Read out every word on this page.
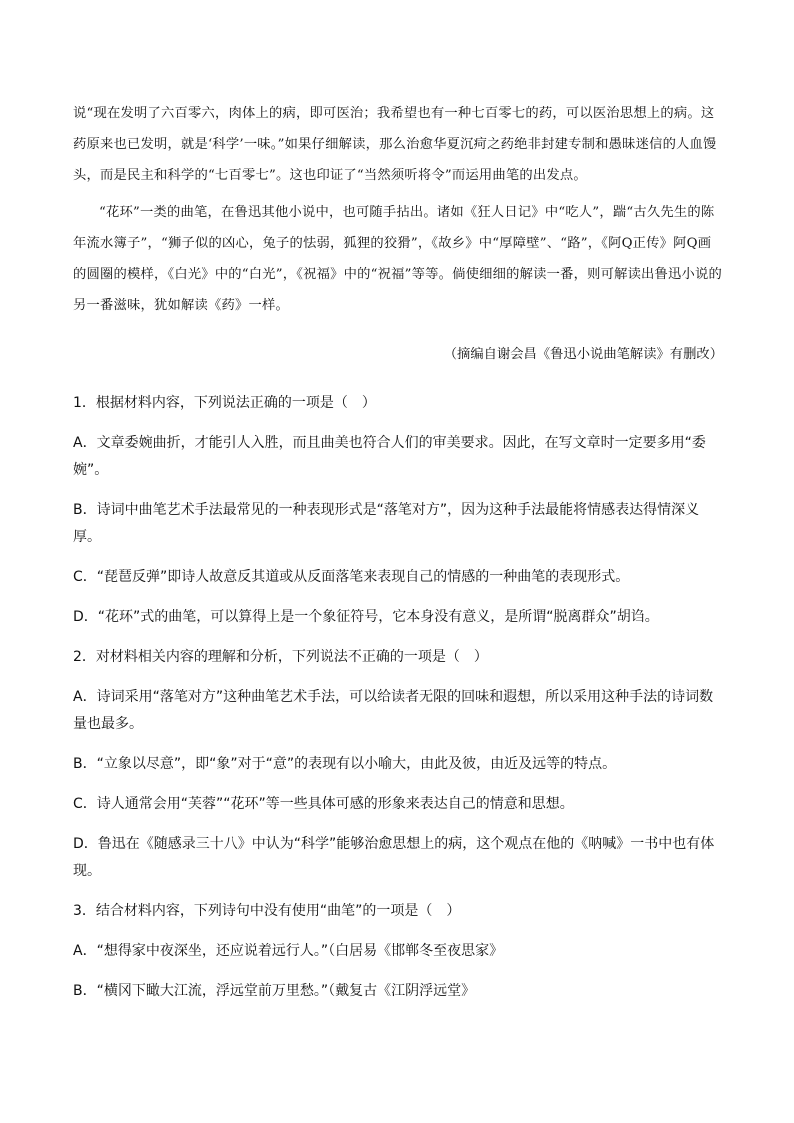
说“现在发明了六百零六，肉体上的病，即可医治；我希望也有一种七百零七的药，可以医治思想上的病。这药原来也已发明，就是‘科学’一味。”如果仔细解读，那么治愈华夏沉疴之药绝非封建专制和愚昧迷信的人血馒头，而是民主和科学的“七百零七”。这也印证了“当然须听将令”而运用曲笔的出发点。

“花环”一类的曲笔，在鲁迅其他小说中，也可随手拈出。诸如《狂人日记》中“吃人”，踹“古久先生的陈年流水簿子”，“狮子似的凶心，兔子的怯弱，狐狸的狡猾”，《故乡》中“厚障壁”、“路”，《阿Q正传》阿Q画的圆圈的模样，《白光》中的“白光”，《祝福》中的“祝福”等等。倘使细细的解读一番，则可解读出鲁迅小说的另一番滋味，犹如解读《药》一样。

（摘编自谢会昌《鲁迅小说曲笔解读》有删改）

1．根据材料内容，下列说法正确的一项是（　）

A．文章委婉曲折，才能引人入胜，而且曲美也符合人们的审美要求。因此，在写文章时一定要多用“委婉”。

B．诗词中曲笔艺术手法最常见的一种表现形式是“落笔对方”，因为这种手法最能将情感表达得情深义厚。

C．“琵琶反弹”即诗人故意反其道或从反面落笔来表现自己的情感的一种曲笔的表现形式。

D．“花环”式的曲笔，可以算得上是一个象征符号，它本身没有意义，是所谓“脱离群众”胡诌。

2．对材料相关内容的理解和分析，下列说法不正确的一项是（　）

A．诗词采用“落笔对方”这种曲笔艺术手法，可以给读者无限的回味和遐想，所以采用这种手法的诗词数量也最多。

B．“立象以尽意”，即“象”对于“意”的表现有以小喻大，由此及彼，由近及远等的特点。

C．诗人通常会用“芙蓉”“花环”等一些具体可感的形象来表达自己的情意和思想。

D．鲁迅在《随感录三十八》中认为“科学”能够治愈思想上的病，这个观点在他的《呐喊》一书中也有体现。

3．结合材料内容，下列诗句中没有使用“曲笔”的一项是（　）

A．“想得家中夜深坐，还应说着远行人。”（白居易《邯郸冬至夜思家》

B．“横冈下瞰大江流，浮远堂前万里愁。”（戴复古《江阴浮远堂》
